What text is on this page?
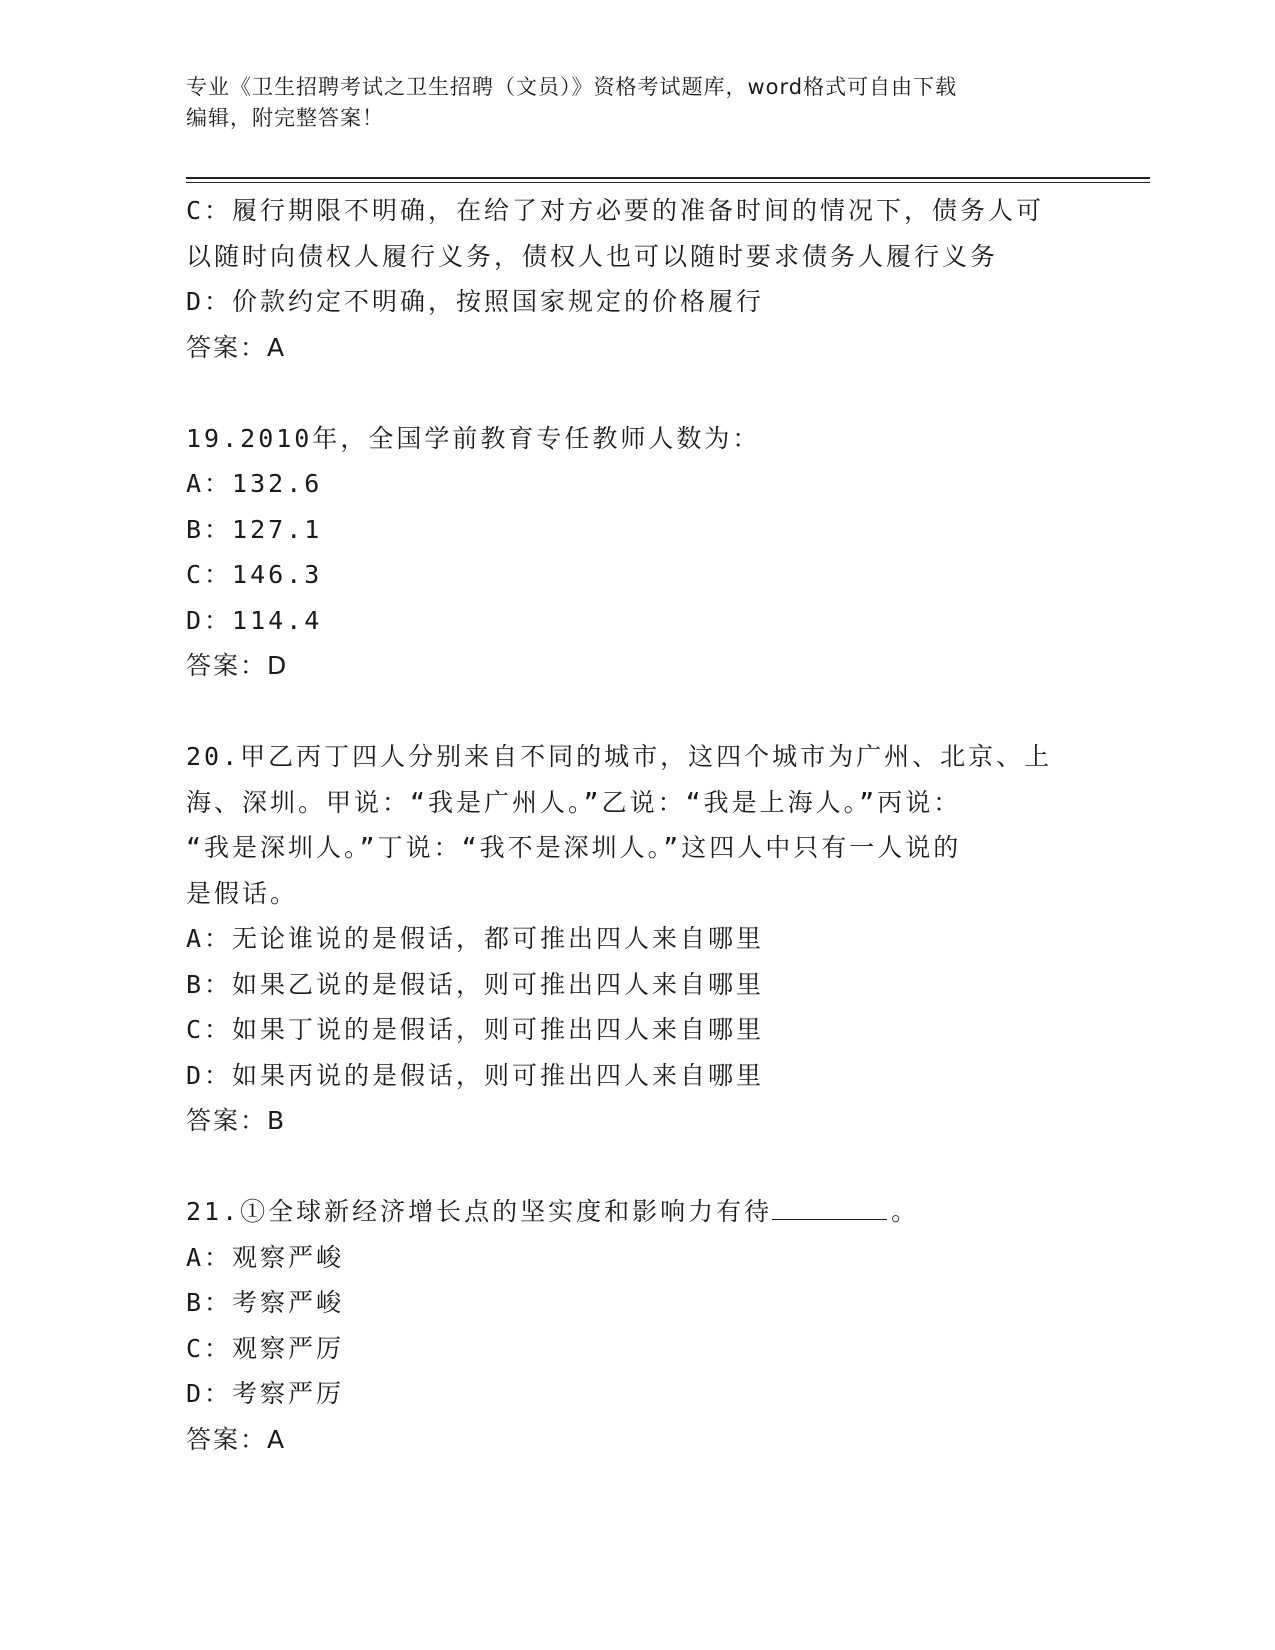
专业《卫生招聘考试之卫生招聘（文员）》资格考试题库，word格式可自由下载
编辑，附完整答案！

C：履行期限不明确，在给了对方必要的准备时间的情况下，债务人可

以随时向债权人履行义务，债权人也可以随时要求债务人履行义务

D：价款约定不明确，按照国家规定的价格履行

答案：A

19.2010年，全国学前教育专任教师人数为：

A：132.6

B：127.1

C：146.3

D：114.4

答案：D

20.甲乙丙丁四人分别来自不同的城市，这四个城市为广州、北京、上

海、深圳。甲说：“我是广州人。”乙说：“我是上海人。”丙说：

“我是深圳人。”丁说：“我不是深圳人。”这四人中只有一人说的

是假话。

A：无论谁说的是假话，都可推出四人来自哪里

B：如果乙说的是假话，则可推出四人来自哪里

C：如果丁说的是假话，则可推出四人来自哪里

D：如果丙说的是假话，则可推出四人来自哪里

答案：B

21.①全球新经济增长点的坚实度和影响力有待	。

A：观察严峻

B：考察严峻

C：观察严厉

D：考察严厉

答案：A
